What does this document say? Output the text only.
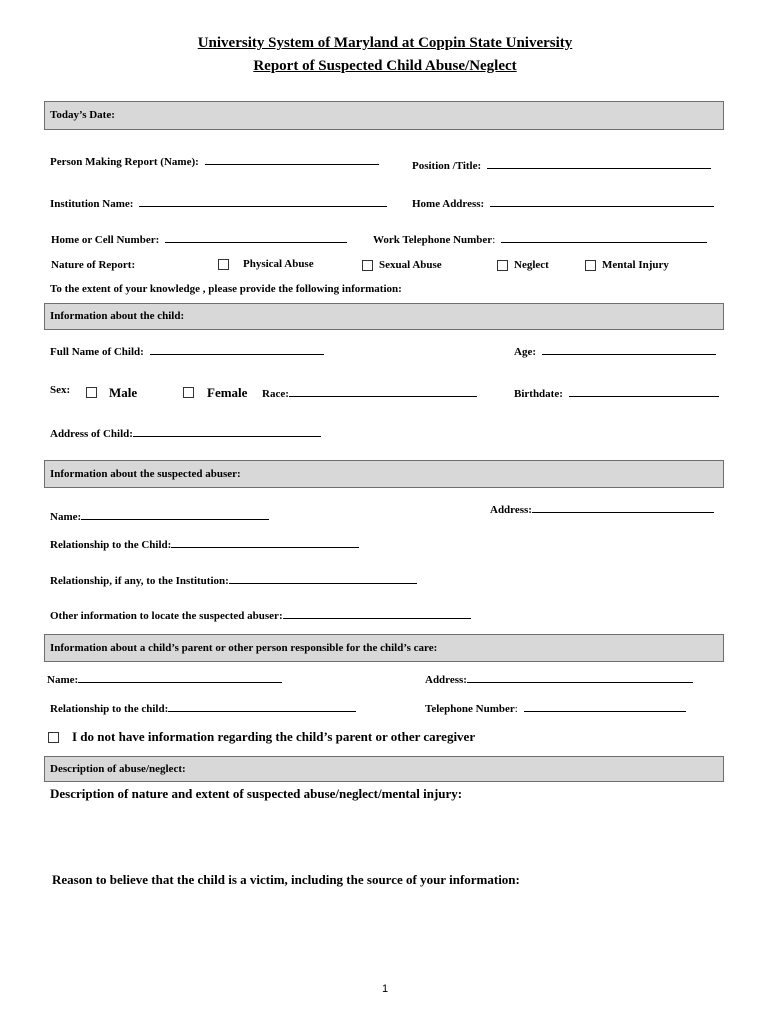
University System of Maryland at Coppin State University
Report of Suspected Child Abuse/Neglect
Today’s Date:
Person Making Report (Name):	Position /Title:
Institution Name:	Home Address:
Home or Cell Number:	Work Telephone Number:
Nature of Report:	Physical Abuse	Sexual Abuse	Neglect	Mental Injury
To the extent of your knowledge , please provide the following information:
Information about the child:
Full Name of Child:	Age:
Sex:	Male	Female Race:	Birthdate:
Address of Child:
Information about the suspected abuser:
Name:
Address:
Relationship to the Child:
Relationship, if any, to the Institution:
Other information to locate the suspected abuser:
Information about a child’s parent or other person responsible for the child’s care:
Name:	Address:
Relationship to the child:	Telephone Number:
I do not have information regarding the child’s parent or other caregiver
Description of abuse/neglect:
Description of nature and extent of suspected abuse/neglect/mental injury:
Reason to believe that the child is a victim, including the source of your information:
1
